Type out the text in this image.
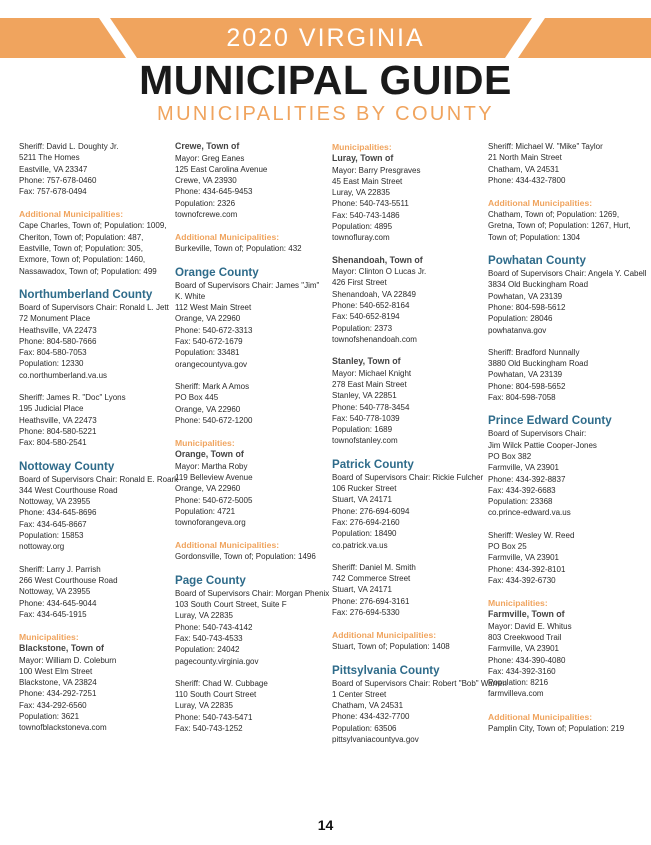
2020 VIRGINIA
MUNICIPAL GUIDE
MUNICIPALITIES BY COUNTY
Sheriff: David L. Doughty Jr.
5211 The Homes
Eastville, VA 23347
Phone: 757-678-0460
Fax: 757-678-0494
Additional Municipalities:
Cape Charles, Town of; Population: 1009, Cheriton, Town of; Population: 487, Eastville, Town of; Population: 305, Exmore, Town of; Population: 1460, Nassawadox, Town of; Population: 499
Northumberland County
Board of Supervisors Chair: Ronald L. Jett
72 Monument Place
Heathsville, VA 22473
Phone: 804-580-7666
Fax: 804-580-7053
Population: 12330
co.northumberland.va.us
Sheriff: James R. "Doc" Lyons
195 Judicial Place
Heathsville, VA 22473
Phone: 804-580-5221
Fax: 804-580-2541
Nottoway County
Board of Supervisors Chair: Ronald E. Roark
344 West Courthouse Road
Nottoway, VA 23955
Phone: 434-645-8696
Fax: 434-645-8667
Population: 15853
nottoway.org
Sheriff: Larry J. Parrish
266 West Courthouse Road
Nottoway, VA 23955
Phone: 434-645-9044
Fax: 434-645-1915
Municipalities:
Blackstone, Town of
Mayor: William D. Coleburn
100 West Elm Street
Blackstone, VA 23824
Phone: 434-292-7251
Fax: 434-292-6560
Population: 3621
townofblackstoneva.com
Crewe, Town of
Mayor: Greg Eanes
125 East Carolina Avenue
Crewe, VA 23930
Phone: 434-645-9453
Population: 2326
townofcrewe.com
Additional Municipalities:
Burkeville, Town of; Population: 432
Orange County
Board of Supervisors Chair: James "Jim" K. White
112 West Main Street
Orange, VA 22960
Phone: 540-672-3313
Fax: 540-672-1679
Population: 33481
orangecountyva.gov
Sheriff: Mark A Amos
PO Box 445
Orange, VA 22960
Phone: 540-672-1200
Municipalities:
Orange, Town of
Mayor: Martha Roby
119 Belleview Avenue
Orange, VA 22960
Phone: 540-672-5005
Population: 4721
townoforangeva.org
Additional Municipalities:
Gordonsville, Town of; Population: 1496
Page County
Board of Supervisors Chair: Morgan Phenix
103 South Court Street, Suite F
Luray, VA 22835
Phone: 540-743-4142
Fax: 540-743-4533
Population: 24042
pagecounty.virginia.gov
Sheriff: Chad W. Cubbage
110 South Court Street
Luray, VA 22835
Phone: 540-743-5471
Fax: 540-743-1252
Municipalities:
Luray, Town of
Mayor: Barry Presgraves
45 East Main Street
Luray, VA 22835
Phone: 540-743-5511
Fax: 540-743-1486
Population: 4895
townofluray.com
Shenandoah, Town of
Mayor: Clinton O Lucas Jr.
426 First Street
Shenandoah, VA 22849
Phone: 540-652-8164
Fax: 540-652-8194
Population: 2373
townofshenandoah.com
Stanley, Town of
Mayor: Michael Knight
278 East Main Street
Stanley, VA 22851
Phone: 540-778-3454
Fax: 540-778-1039
Population: 1689
townofstanley.com
Patrick County
Board of Supervisors Chair: Rickie Fulcher
106 Rucker Street
Stuart, VA 24171
Phone: 276-694-6094
Fax: 276-694-2160
Population: 18490
co.patrick.va.us
Sheriff: Daniel M. Smith
742 Commerce Street
Stuart, VA 24171
Phone: 276-694-3161
Fax: 276-694-5330
Additional Municipalities:
Stuart, Town of; Population: 1408
Pittsylvania County
Board of Supervisors Chair: Robert "Bob" Warren
1 Center Street
Chatham, VA 24531
Phone: 434-432-7700
Population: 63506
pittsylvaniacountyva.gov
Sheriff: Michael W. "Mike" Taylor
21 North Main Street
Chatham, VA 24531
Phone: 434-432-7800
Additional Municipalities:
Chatham, Town of; Population: 1269, Gretna, Town of; Population: 1267, Hurt, Town of; Population: 1304
Powhatan County
Board of Supervisors Chair: Angela Y. Cabell
3834 Old Buckingham Road
Powhatan, VA 23139
Phone: 804-598-5612
Population: 28046
powhatanva.gov
Sheriff: Bradford Nunnally
3880 Old Buckingham Road
Powhatan, VA 23139
Phone: 804-598-5652
Fax: 804-598-7058
Prince Edward County
Board of Supervisors Chair:
Jim Wilck Pattie Cooper-Jones
PO Box 382
Farmville, VA 23901
Phone: 434-392-8837
Fax: 434-392-6683
Population: 23368
co.prince-edward.va.us
Sheriff: Wesley W. Reed
PO Box 25
Farmville, VA 23901
Phone: 434-392-8101
Fax: 434-392-6730
Municipalities:
Farmville, Town of
Mayor: David E. Whitus
803 Creekwood Trail
Farmville, VA 23901
Phone: 434-390-4080
Fax: 434-392-3160
Population: 8216
farmvilleva.com
Additional Municipalities:
Pamplin City, Town of; Population: 219
14
